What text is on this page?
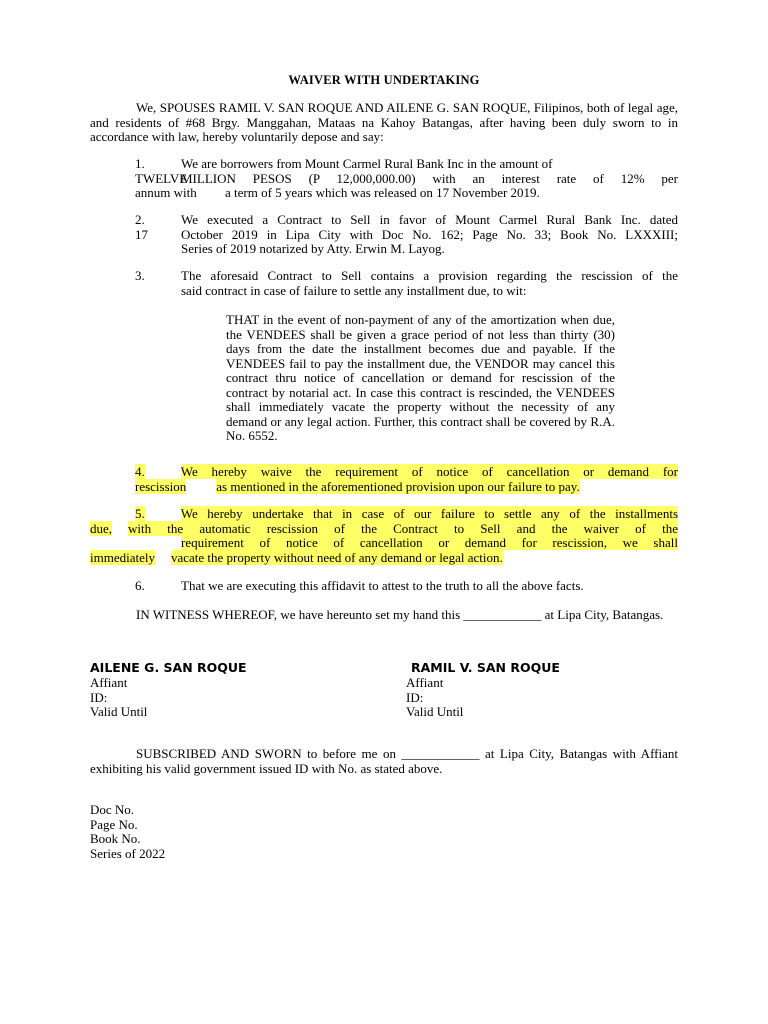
WAIVER WITH UNDERTAKING
We, SPOUSES RAMIL V. SAN ROQUE AND AILENE G. SAN ROQUE, Filipinos, both of legal age, and residents of #68 Brgy. Manggahan, Mataas na Kahoy Batangas, after having been duly sworn to in accordance with law, hereby voluntarily depose and say:
1.	We are borrowers from Mount Carmel Rural Bank Inc in the amount of
TWELVE
MILLION PESOS (P 12,000,000.00) with an interest rate of 12% per
annum with a term of 5 years which was released on 17 November 2019.
2.	We executed a Contract to Sell in favor of Mount Carmel Rural Bank Inc. dated
17	October 2019 in Lipa City with Doc No. 162; Page No. 33; Book No. LXXXIII;
Series of 2019 notarized by Atty. Erwin M. Layog.
3.	The aforesaid Contract to Sell contains a provision regarding the rescission of the
said contract in case of failure to settle any installment due, to wit:
THAT in the event of non-payment of any of the amortization when due, the VENDEES shall be given a grace period of not less than thirty (30) days from the date the installment becomes due and payable. If the VENDEES fail to pay the installment due, the VENDOR may cancel this contract thru notice of cancellation or demand for rescission of the contract by notarial act. In case this contract is rescinded, the VENDEES shall immediately vacate the property without the necessity of any demand or any legal action. Further, this contract shall be covered by R.A. No. 6552.
4.	We hereby waive the requirement of notice of cancellation or demand for
rescission as mentioned in the aforementioned provision upon our failure to pay.
5.	We hereby undertake that in case of our failure to settle any of the installments
due, with the automatic rescission of the Contract to Sell and the waiver of the
requirement of notice of cancellation or demand for rescission, we shall
immediately vacate the property without need of any demand or legal action.
6.	That we are executing this affidavit to attest to the truth to all the above facts.
IN WITNESS WHEREOF, we have hereunto set my hand this ____________ at Lipa City, Batangas.
AILENE G. SAN ROQUE
Affiant
ID:
Valid Until
RAMIL V. SAN ROQUE
Affiant
ID:
Valid Until
SUBSCRIBED AND SWORN to before me on ____________ at Lipa City, Batangas with Affiant exhibiting his valid government issued ID with No. as stated above.
Doc No.
Page No.
Book No.
Series of 2022
